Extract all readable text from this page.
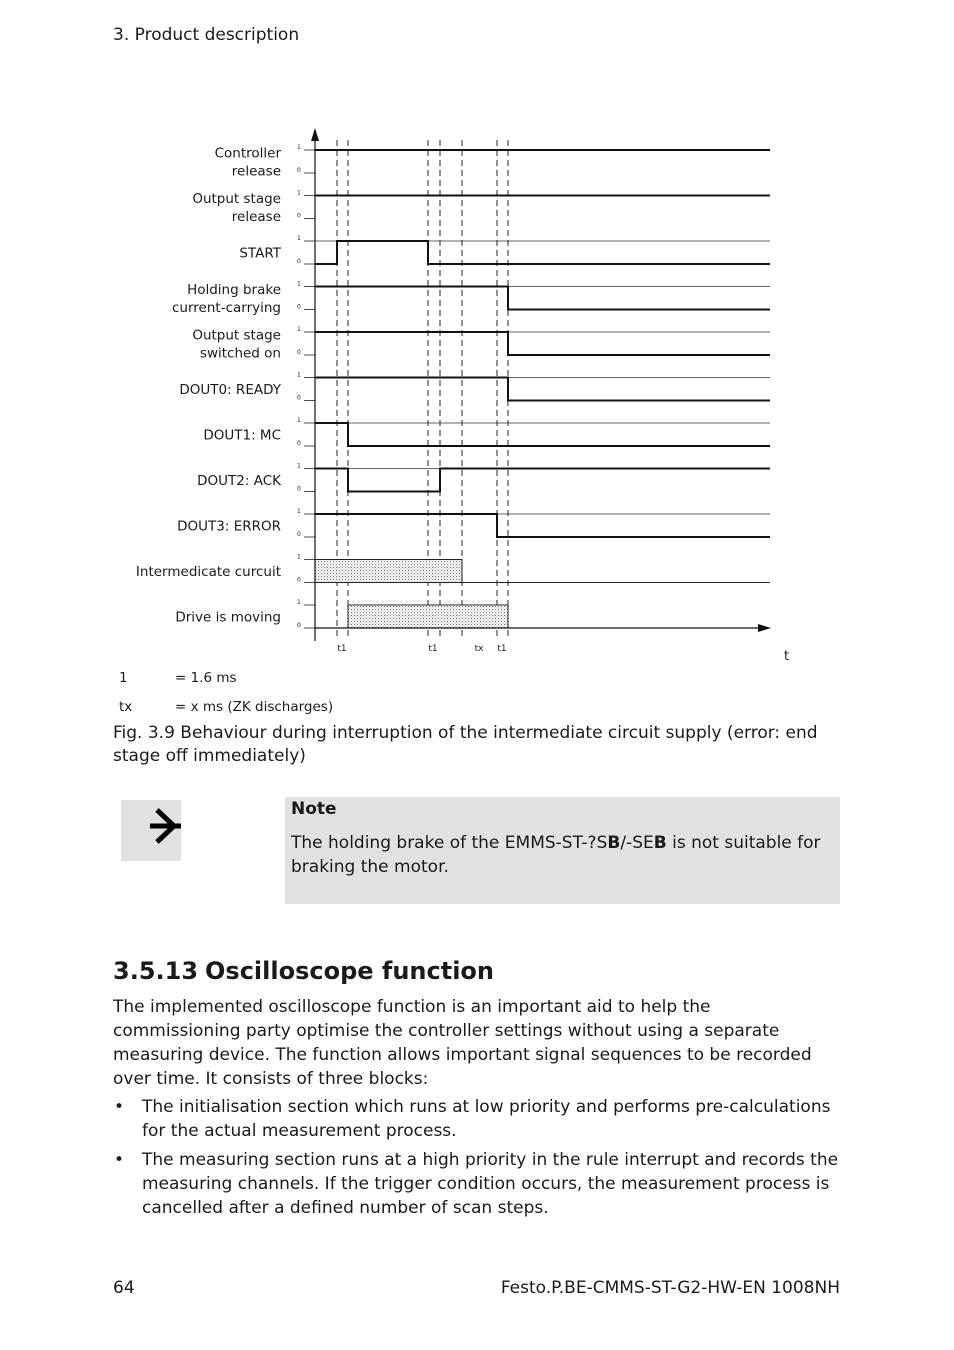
3. Product description
1
0
1
0
1
0
1
0
1
0
1
0
1
0
1
0
1
0
1
0
1
0
Controller
release
Output stage
release
START
Holding brake
current-carrying
Output stage
switched on
DOUT0: READY
DOUT1: MC
DOUT2: ACK
DOUT3: ERROR
Intermedicate curcuit
Drive is moving
t1	t1	tx t1	t
1	= 1.6 ms
tx	= x ms (ZK discharges)
Fig. 3.9 Behaviour during interruption of the intermediate circuit supply (error: end stage off immediately)
Note
The holding brake of the EMMS-ST-?SB/-SEB is not suitable for braking the motor.
3.5.13 Oscilloscope function
The implemented oscilloscope function is an important aid to help the commissioning party optimise the controller settings without using a separate measuring device. The function allows important signal sequences to be recorded over time. It consists of three blocks:
• The initialisation section which runs at low priority and performs pre-calculations for the actual measurement process.
• The measuring section runs at a high priority in the rule interrupt and records the measuring channels. If the trigger condition occurs, the measurement process is cancelled after a defined number of scan steps.
64	Festo.P.BE-CMMS-ST-G2-HW-EN 1008NH
